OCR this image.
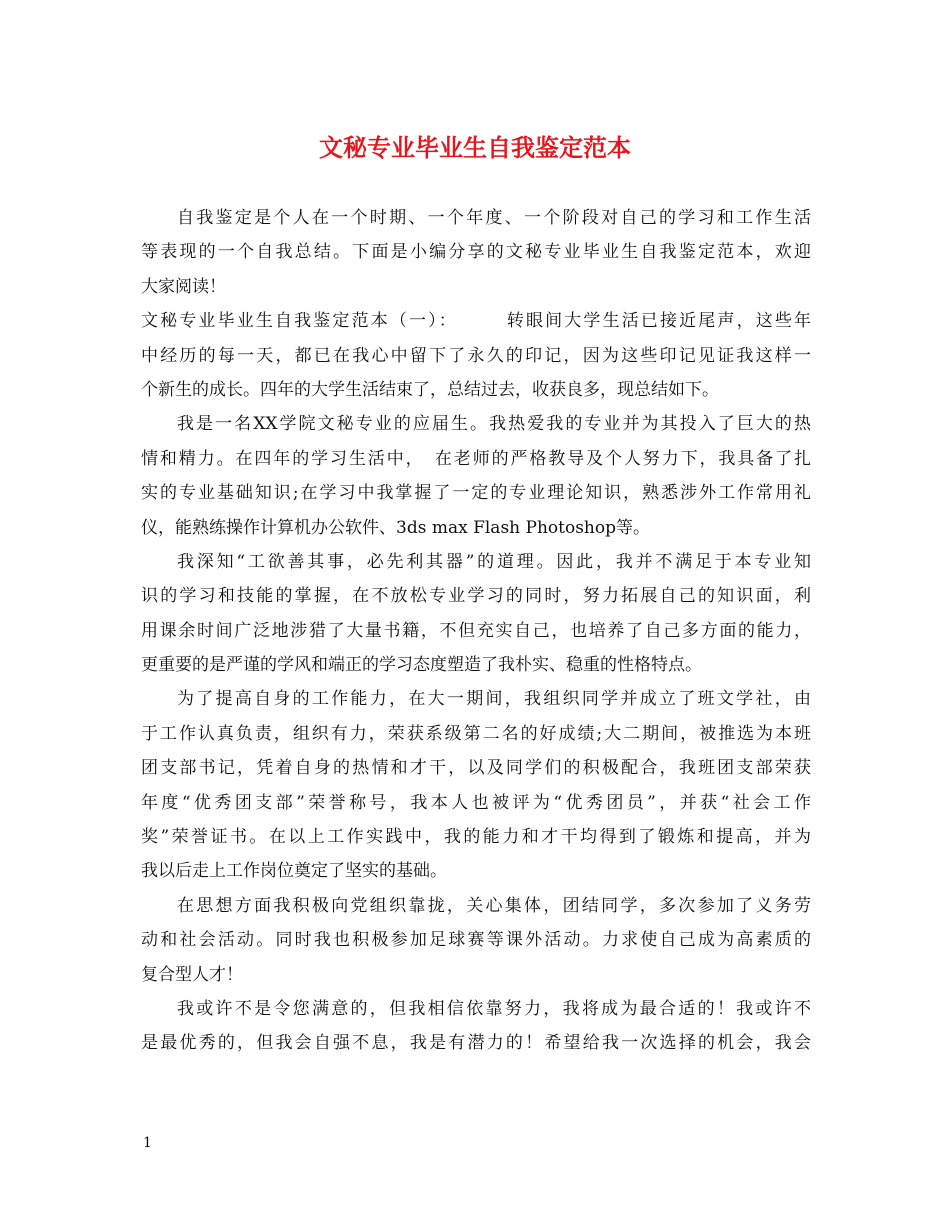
文秘专业毕业生自我鉴定范本
自我鉴定是个人在一个时期、一个年度、一个阶段对自己的学习和工作生活
等表现的一个自我总结。下面是小编分享的文秘专业毕业生自我鉴定范本，欢迎
大家阅读！
文秘专业毕业生自我鉴定范本（一）：　　　转眼间大学生活已接近尾声，这些年
中经历的每一天，都已在我心中留下了永久的印记，因为这些印记见证我这样一
个新生的成长。四年的大学生活结束了，总结过去，收获良多，现总结如下。
我是一名XX学院文秘专业的应届生。我热爱我的专业并为其投入了巨大的热
情和精力。在四年的学习生活中，　在老师的严格教导及个人努力下，我具备了扎
实的专业基础知识;在学习中我掌握了一定的专业理论知识，熟悉涉外工作常用礼
仪，能熟练操作计算机办公软件、3ds max Flash Photoshop等。
我深知“工欲善其事，必先利其器”的道理。因此，我并不满足于本专业知
识的学习和技能的掌握，在不放松专业学习的同时，努力拓展自己的知识面，利
用课余时间广泛地涉猎了大量书籍，不但充实自己，也培养了自己多方面的能力，
更重要的是严谨的学风和端正的学习态度塑造了我朴实、稳重的性格特点。
为了提高自身的工作能力，在大一期间，我组织同学并成立了班文学社，由
于工作认真负责，组织有力，荣获系级第二名的好成绩;大二期间，被推选为本班
团支部书记，凭着自身的热情和才干，以及同学们的积极配合，我班团支部荣获
年度“优秀团支部”荣誉称号，我本人也被评为“优秀团员”，并获“社会工作
奖”荣誉证书。在以上工作实践中，我的能力和才干均得到了锻炼和提高，并为
我以后走上工作岗位奠定了坚实的基础。
在思想方面我积极向党组织靠拢，关心集体，团结同学，多次参加了义务劳
动和社会活动。同时我也积极参加足球赛等课外活动。力求使自己成为高素质的
复合型人才！
我或许不是令您满意的，但我相信依靠努力，我将成为最合适的！我或许不
是最优秀的，但我会自强不息，我是有潜力的！希望给我一次选择的机会，我会
1
